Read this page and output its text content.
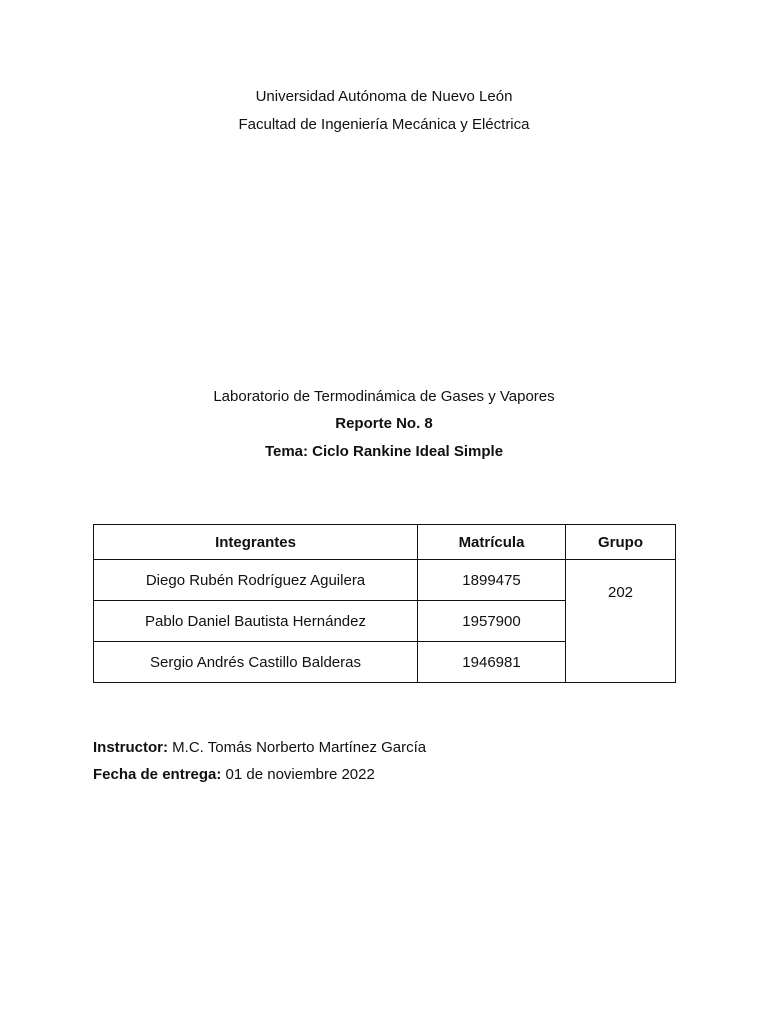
Universidad Autónoma de Nuevo León
Facultad de Ingeniería Mecánica y Eléctrica
Laboratorio de Termodinámica de Gases y Vapores
Reporte No. 8
Tema: Ciclo Rankine Ideal Simple
Integrantes	Matrícula	Grupo
Diego Rubén Rodríguez Aguilera	1899475	202
Pablo Daniel Bautista Hernández	1957900	
Sergio Andrés Castillo Balderas	1946981	
Instructor: M.C. Tomás Norberto Martínez García
Fecha de entrega: 01 de noviembre 2022
